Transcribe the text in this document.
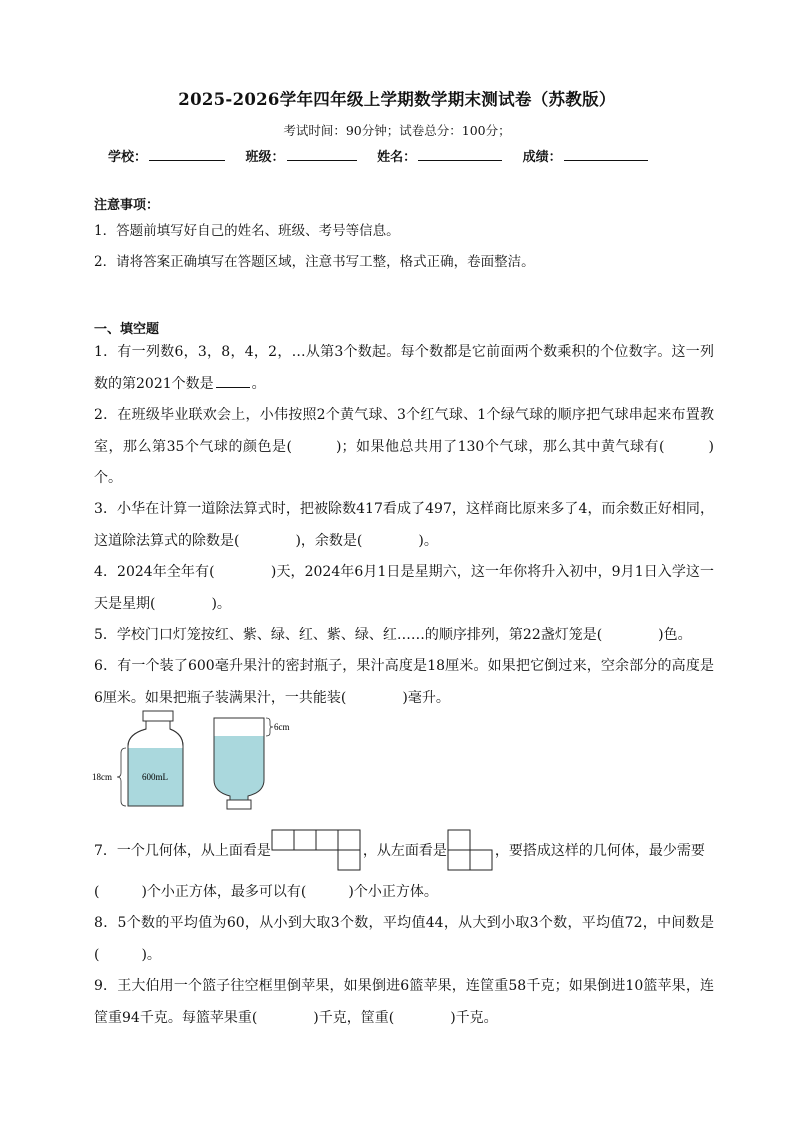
2025-2026学年四年级上学期数学期末测试卷（苏教版）
考试时间：90分钟；试卷总分：100分；
学校：	班级：	姓名：	成绩：
注意事项：
1．答题前填写好自己的姓名、班级、考号等信息。
2．请将答案正确填写在答题区域，注意书写工整，格式正确，卷面整洁。
一、填空题
1．有一列数6，3，8，4，2，…从第3个数起。每个数都是它前面两个数乘积的个位数字。这一列数的第2021个数是	。
2．在班级毕业联欢会上，小伟按照2个黄气球、3个红气球、1个绿气球的顺序把气球串起来布置教室，那么第35个气球的颜色是(　　　)；如果他总共用了130个气球，那么其中黄气球有(　　　)个。
3．小华在计算一道除法算式时，把被除数417看成了497，这样商比原来多了4，而余数正好相同，这道除法算式的除数是(　　　　)，余数是(　　　　)。
4．2024年全年有(　　　　)天，2024年6月1日是星期六，这一年你将升入初中，9月1日入学这一天是星期(　　　　)。
5．学校门口灯笼按红、紫、绿、红、紫、绿、红……的顺序排列，第22盏灯笼是(　　　　)色。
6．有一个装了600毫升果汁的密封瓶子，果汁高度是18厘米。如果把它倒过来，空余部分的高度是6厘米。如果把瓶子装满果汁，一共能装(　　　　)毫升。
18cm	600mL
6cm
7．一个几何体，从上面看是	，从左面看是	，要搭成这样的几何体，最少需要
(　　　)个小正方体，最多可以有(　　　)个小正方体。
8．5个数的平均值为60，从小到大取3个数，平均值44，从大到小取3个数，平均值72，中间数是(　　　)。
9．王大伯用一个篮子往空框里倒苹果，如果倒进6篮苹果，连筐重58千克；如果倒进10篮苹果，连筐重94千克。每篮苹果重(　　　　)千克，筐重(　　　　)千克。
